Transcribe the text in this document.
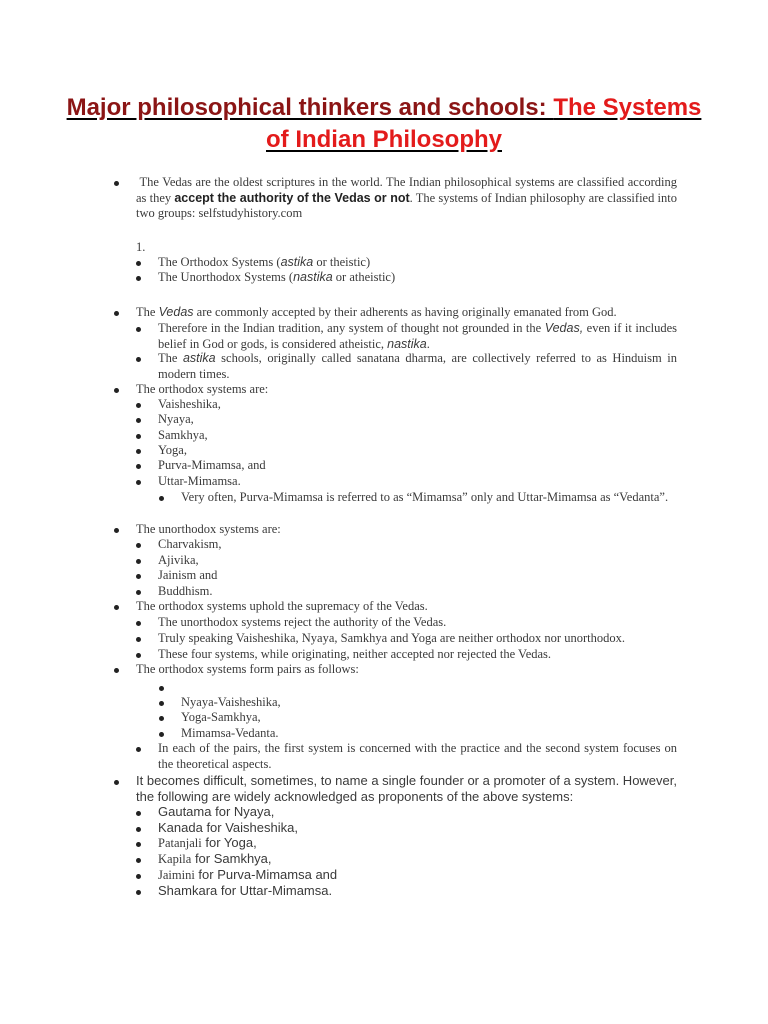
Major philosophical thinkers and schools: The Systems of Indian Philosophy
The Vedas are the oldest scriptures in the world. The Indian philosophical systems are classified according as they accept the authority of the Vedas or not. The systems of Indian philosophy are classified into two groups: selfstudyhistory.com
1.
The Orthodox Systems (astika or theistic)
The Unorthodox Systems (nastika or atheistic)
The Vedas are commonly accepted by their adherents as having originally emanated from God.
Therefore in the Indian tradition, any system of thought not grounded in the Vedas, even if it includes belief in God or gods, is considered atheistic, nastika.
The astika schools, originally called sanatana dharma, are collectively referred to as Hinduism in modern times.
The orthodox systems are:
Vaisheshika,
Nyaya,
Samkhya,
Yoga,
Purva-Mimamsa, and
Uttar-Mimamsa.
Very often, Purva-Mimamsa is referred to as “Mimamsa” only and Uttar-Mimamsa as “Vedanta”.
The unorthodox systems are:
Charvakism,
Ajivika,
Jainism and
Buddhism.
The orthodox systems uphold the supremacy of the Vedas.
The unorthodox systems reject the authority of the Vedas.
Truly speaking Vaisheshika, Nyaya, Samkhya and Yoga are neither orthodox nor unorthodox.
These four systems, while originating, neither accepted nor rejected the Vedas.
The orthodox systems form pairs as follows:
Nyaya-Vaisheshika,
Yoga-Samkhya,
Mimamsa-Vedanta.
In each of the pairs, the first system is concerned with the practice and the second system focuses on the theoretical aspects.
It becomes difficult, sometimes, to name a single founder or a promoter of a system. However, the following are widely acknowledged as proponents of the above systems:
Gautama for Nyaya,
Kanada for Vaisheshika,
Patanjali for Yoga,
Kapila for Samkhya,
Jaimini for Purva-Mimamsa and
Shamkara for Uttar-Mimamsa.
